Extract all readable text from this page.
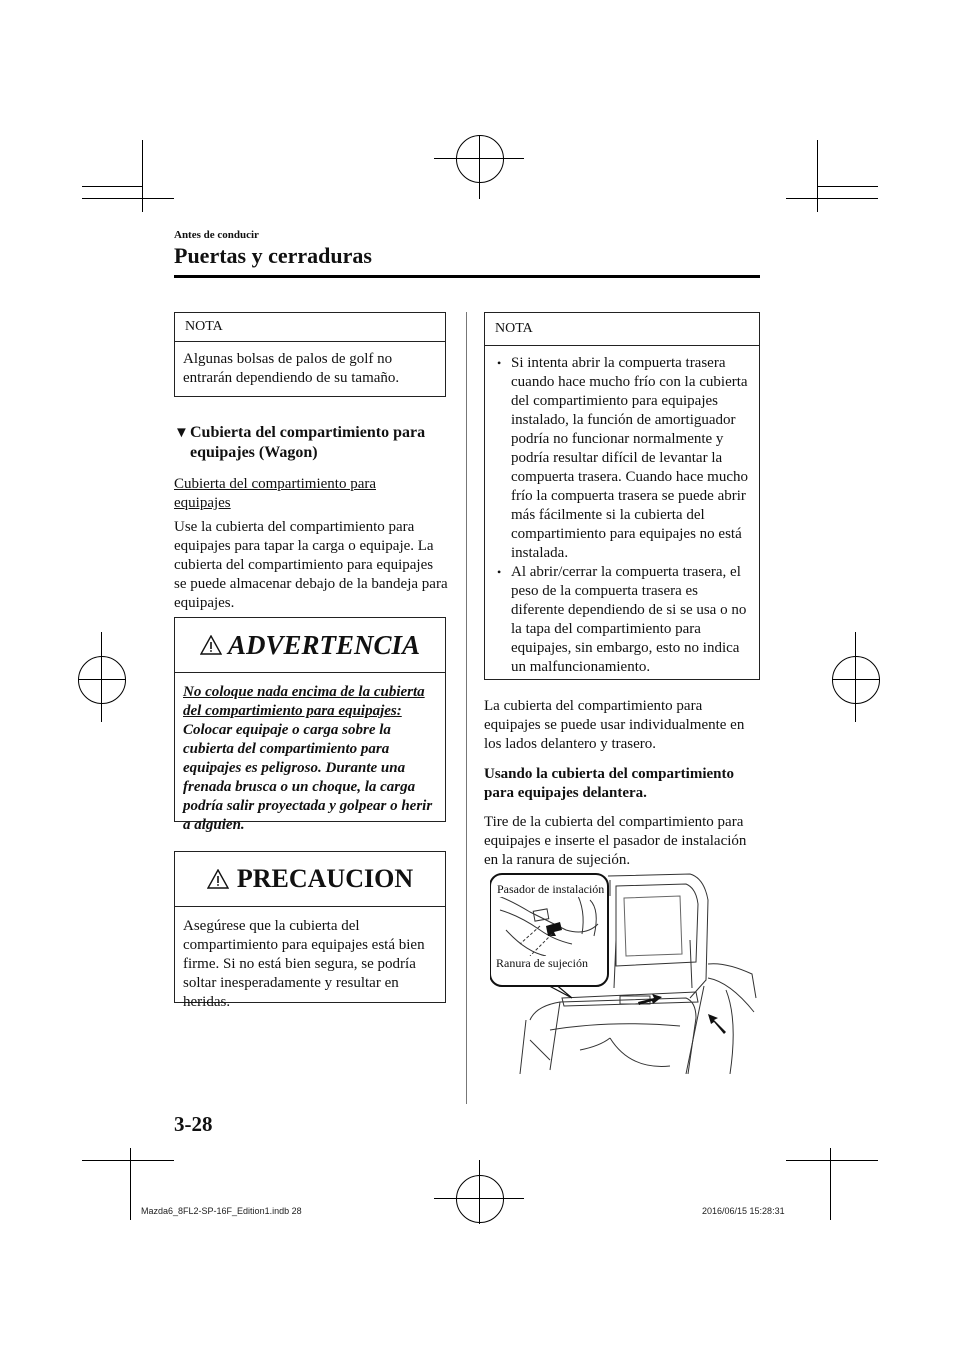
Antes de conducir
Puertas y cerraduras
NOTA
Algunas bolsas de palos de golf no entrarán dependiendo de su tamaño.
▼ Cubierta del compartimiento para
equipajes (Wagon)
Cubierta del compartimiento para equipajes
Use la cubierta del compartimiento para equipajes para tapar la carga o equipaje. La cubierta del compartimiento para equipajes se puede almacenar debajo de la bandeja para equipajes.
ADVERTENCIA
No coloque nada encima de la cubierta del compartimiento para equipajes:
Colocar equipaje o carga sobre la cubierta del compartimiento para equipajes es peligroso. Durante una frenada brusca o un choque, la carga podría salir proyectada y golpear o herir a alguien.
PRECAUCION
Asegúrese que la cubierta del compartimiento para equipajes está bien firme. Si no está bien segura, se podría soltar inesperadamente y resultar en heridas.
NOTA
• Si intenta abrir la compuerta trasera cuando hace mucho frío con la cubierta del compartimiento para equipajes instalado, la función de amortiguador podría no funcionar normalmente y podría resultar difícil de levantar la compuerta trasera. Cuando hace mucho frío la compuerta trasera se puede abrir más fácilmente si la cubierta del compartimiento para equipajes no está instalada.
• Al abrir/cerrar la compuerta trasera, el peso de la compuerta trasera es diferente dependiendo de si se usa o no la tapa del compartimiento para equipajes, sin embargo, esto no indica un malfuncionamiento.
La cubierta del compartimiento para equipajes se puede usar individualmente en los lados delantero y trasero.
Usando la cubierta del compartimiento para equipajes delantera.
Tire de la cubierta del compartimiento para equipajes e inserte el pasador de instalación en la ranura de sujeción.
Pasador de instalación
Ranura de sujeción
3-28
Mazda6_8FL2-SP-16F_Edition1.indb 28	2016/06/15 15:28:31
